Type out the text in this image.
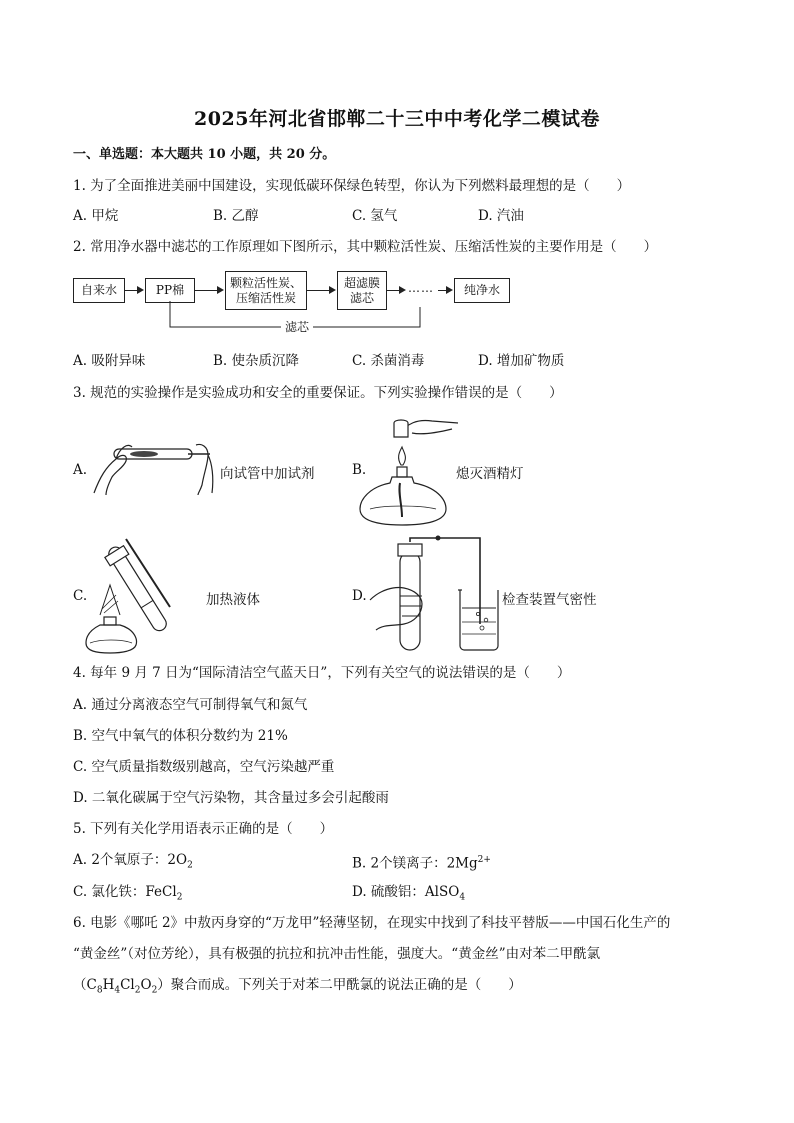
2025年河北省邯郸二十三中中考化学二模试卷
一、单选题：本大题共 10 小题，共 20 分。
1. 为了全面推进美丽中国建设，实现低碳环保绿色转型，你认为下列燃料最理想的是（　　）
A. 甲烷	B. 乙醇	C. 氢气	D. 汽油
2. 常用净水器中滤芯的工作原理如下图所示，其中颗粒活性炭、压缩活性炭的主要作用是（　　）
自来水	PP棉
颗粒活性炭、
压缩活性炭
超滤膜
滤芯
……	纯净水
滤芯
A. 吸附异味	B. 使杂质沉降	C. 杀菌消毒	D. 增加矿物质
3. 规范的实验操作是实验成功和安全的重要保证。下列实验操作错误的是（　　）
A.	向试管中加试剂	B.	熄灭酒精灯
C.	加热液体	D.	检查装置气密性
4. 每年 9 月 7 日为“国际清洁空气蓝天日”，下列有关空气的说法错误的是（　　）
A. 通过分离液态空气可制得氧气和氮气
B. 空气中氧气的体积分数约为 21%
C. 空气质量指数级别越高，空气污染越严重
D. 二氧化碳属于空气污染物，其含量过多会引起酸雨
5. 下列有关化学用语表示正确的是（　　）
A. 2个氧原子：$2O_2$	B. 2个镁离子：$2Mg^{2+}$
C. 氯化铁：FeCl$_2$	D. 硫酸铝：AlSO$_4$
6. 电影《哪吒 2》中敖丙身穿的“万龙甲”轻薄坚韧，在现实中找到了科技平替版——中国石化生产的
“黄金丝”（对位芳纶），具有极强的抗拉和抗冲击性能，强度大。“黄金丝”由对苯二甲酰氯
$(C_8H_4Cl_2O_2)$聚合而成。下列关于对苯二甲酰氯的说法正确的是（　　）
